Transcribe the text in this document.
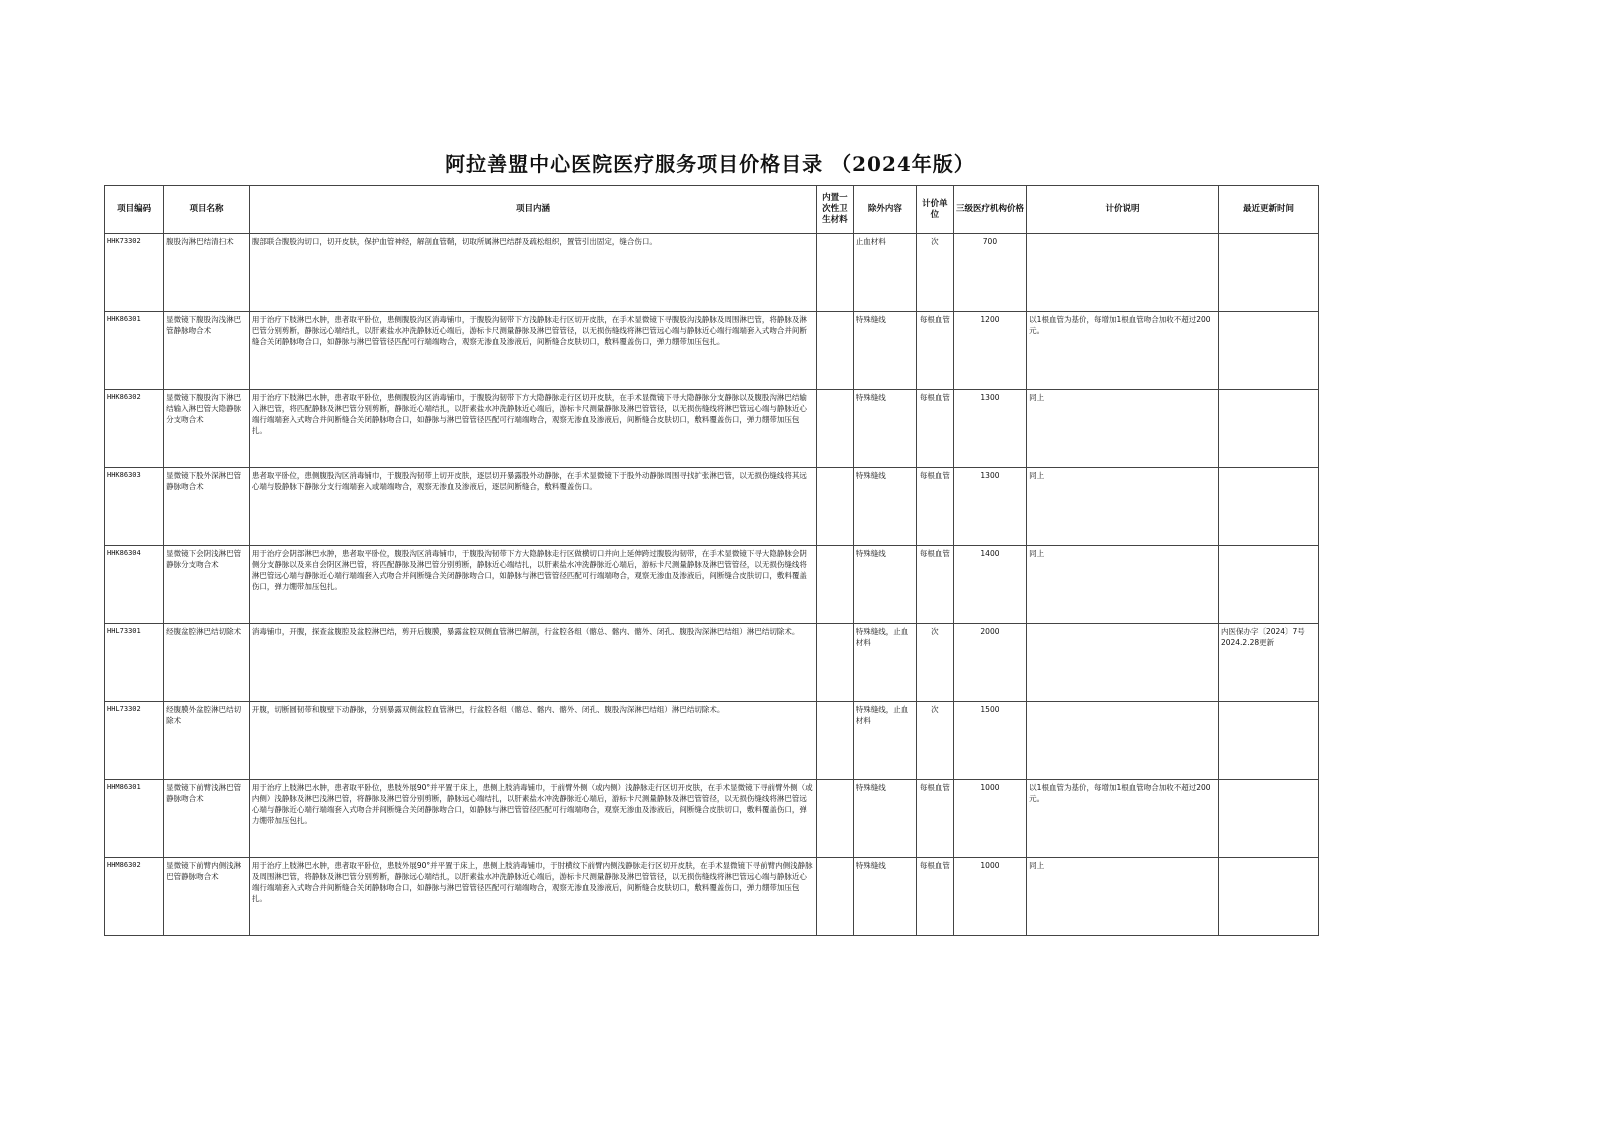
阿拉善盟中心医院医疗服务项目价格目录 （2024年版）
项目编码	项目名称	项目内涵	内置一次性卫生材料	除外内容	计价单位	三级医疗机构价格	计价说明	最近更新时间
HHK73302	腹股沟淋巴结清扫术	腹部联合腹股沟切口，切开皮肤，保护血管神经，解剖血管鞘，切取所属淋巴结群及疏松组织，置管引出固定，缝合伤口。		止血材料	次	700		
HHK86301	显微镜下腹股沟浅淋巴管静脉吻合术	用于治疗下肢淋巴水肿，患者取平卧位，患侧腹股沟区消毒铺巾，于腹股沟韧带下方浅静脉走行区切开皮肤，在手术显微镜下寻腹股沟浅静脉及周围淋巴管，将静脉及淋巴管分别剪断，静脉远心端结扎，以肝素盐水冲洗静脉近心端后，游标卡尺测量静脉及淋巴管管径，以无损伤缝线将淋巴管远心端与静脉近心端行端端套入式吻合并间断缝合关闭静脉吻合口，如静脉与淋巴管管径匹配可行端端吻合，观察无渗血及渗液后，间断缝合皮肤切口，敷料覆盖伤口，弹力绷带加压包扎。		特殊缝线	每根血管	1200	以1根血管为基价，每增加1根血管吻合加收不超过200元。	
HHK86302	显微镜下腹股沟下淋巴结输入淋巴管大隐静脉分支吻合术	用于治疗下肢淋巴水肿，患者取平卧位，患侧腹股沟区消毒铺巾，于腹股沟韧带下方大隐静脉走行区切开皮肤，在手术显微镜下寻大隐静脉分支静脉以及腹股沟淋巴结输入淋巴管，将匹配静脉及淋巴管分别剪断，静脉近心端结扎，以肝素盐水冲洗静脉近心端后，游标卡尺测量静脉及淋巴管管径，以无损伤缝线将淋巴管远心端与静脉近心端行端端套入式吻合并间断缝合关闭静脉吻合口，如静脉与淋巴管管径匹配可行端端吻合，观察无渗血及渗液后，间断缝合皮肤切口，敷料覆盖伤口，弹力绷带加压包扎。		特殊缝线	每根血管	1300	同上	
HHK86303	显微镜下股外深淋巴管静脉吻合术	患者取平卧位，患侧腹股沟区消毒铺巾，于腹股沟韧带上切开皮肤，逐层切开暴露股外动静脉，在手术显微镜下于股外动静脉周围寻找扩张淋巴管，以无损伤缝线将其远心端与股静脉下静脉分支行端端套入或端端吻合，观察无渗血及渗液后，逐层间断缝合，敷料覆盖伤口。		特殊缝线	每根血管	1300	同上	
HHK86304	显微镜下会阴浅淋巴管静脉分支吻合术	用于治疗会阴部淋巴水肿，患者取平卧位，腹股沟区消毒铺巾，于腹股沟韧带下方大隐静脉走行区做横切口并向上延伸跨过腹股沟韧带，在手术显微镜下寻大隐静脉会阴侧分支静脉以及来自会阴区淋巴管，将匹配静脉及淋巴管分别剪断，静脉近心端结扎，以肝素盐水冲洗静脉近心端后，游标卡尺测量静脉及淋巴管管径，以无损伤缝线将淋巴管远心端与静脉近心端行端端套入式吻合并间断缝合关闭静脉吻合口，如静脉与淋巴管管径匹配可行端端吻合，观察无渗血及渗液后，间断缝合皮肤切口，敷料覆盖伤口，弹力绷带加压包扎。		特殊缝线	每根血管	1400	同上	
HHL73301	经腹盆腔淋巴结切除术	消毒铺巾，开腹，探查盆腹腔及盆腔淋巴结，剪开后腹膜，暴露盆腔双侧血管淋巴解剖，行盆腔各组（髂总、髂内、髂外、闭孔、腹股沟深淋巴结组）淋巴结切除术。		特殊缝线，止血材料	次	2000		内医保办字〔2024〕7号 2024.2.28更新
HHL73302	经腹膜外盆腔淋巴结切除术	开腹，切断圆韧带和腹壁下动静脉，分别暴露双侧盆腔血管淋巴，行盆腔各组（髂总、髂内、髂外、闭孔、腹股沟深淋巴结组）淋巴结切除术。		特殊缝线，止血材料	次	1500		
HHM86301	显微镜下前臂浅淋巴管静脉吻合术	用于治疗上肢淋巴水肿，患者取平卧位，患肢外展90°并平置于床上，患侧上肢消毒铺巾，于前臂外侧（或内侧）浅静脉走行区切开皮肤，在手术显微镜下寻前臂外侧（或内侧）浅静脉及淋巴浅淋巴管，将静脉及淋巴管分别剪断，静脉远心端结扎，以肝素盐水冲洗静脉近心端后，游标卡尺测量静脉及淋巴管管径，以无损伤缝线将淋巴管远心端与静脉近心端行端端套入式吻合并间断缝合关闭静脉吻合口，如静脉与淋巴管管径匹配可行端端吻合，观察无渗血及渗液后，间断缝合皮肤切口，敷料覆盖伤口，弹力绷带加压包扎。		特殊缝线	每根血管	1000	以1根血管为基价，每增加1根血管吻合加收不超过200元。	
HHM86302	显微镜下前臂内侧浅淋巴管静脉吻合术	用于治疗上肢淋巴水肿，患者取平卧位，患肢外展90°并平置于床上，患侧上肢消毒铺巾，于肘横纹下前臂内侧浅静脉走行区切开皮肤，在手术显微镜下寻前臂内侧浅静脉及周围淋巴管，将静脉及淋巴管分别剪断，静脉远心端结扎，以肝素盐水冲洗静脉近心端后，游标卡尺测量静脉及淋巴管管径，以无损伤缝线将淋巴管远心端与静脉近心端行端端套入式吻合并间断缝合关闭静脉吻合口，如静脉与淋巴管管径匹配可行端端吻合，观察无渗血及渗液后，间断缝合皮肤切口，敷料覆盖伤口，弹力绷带加压包扎。		特殊缝线	每根血管	1000	同上	
